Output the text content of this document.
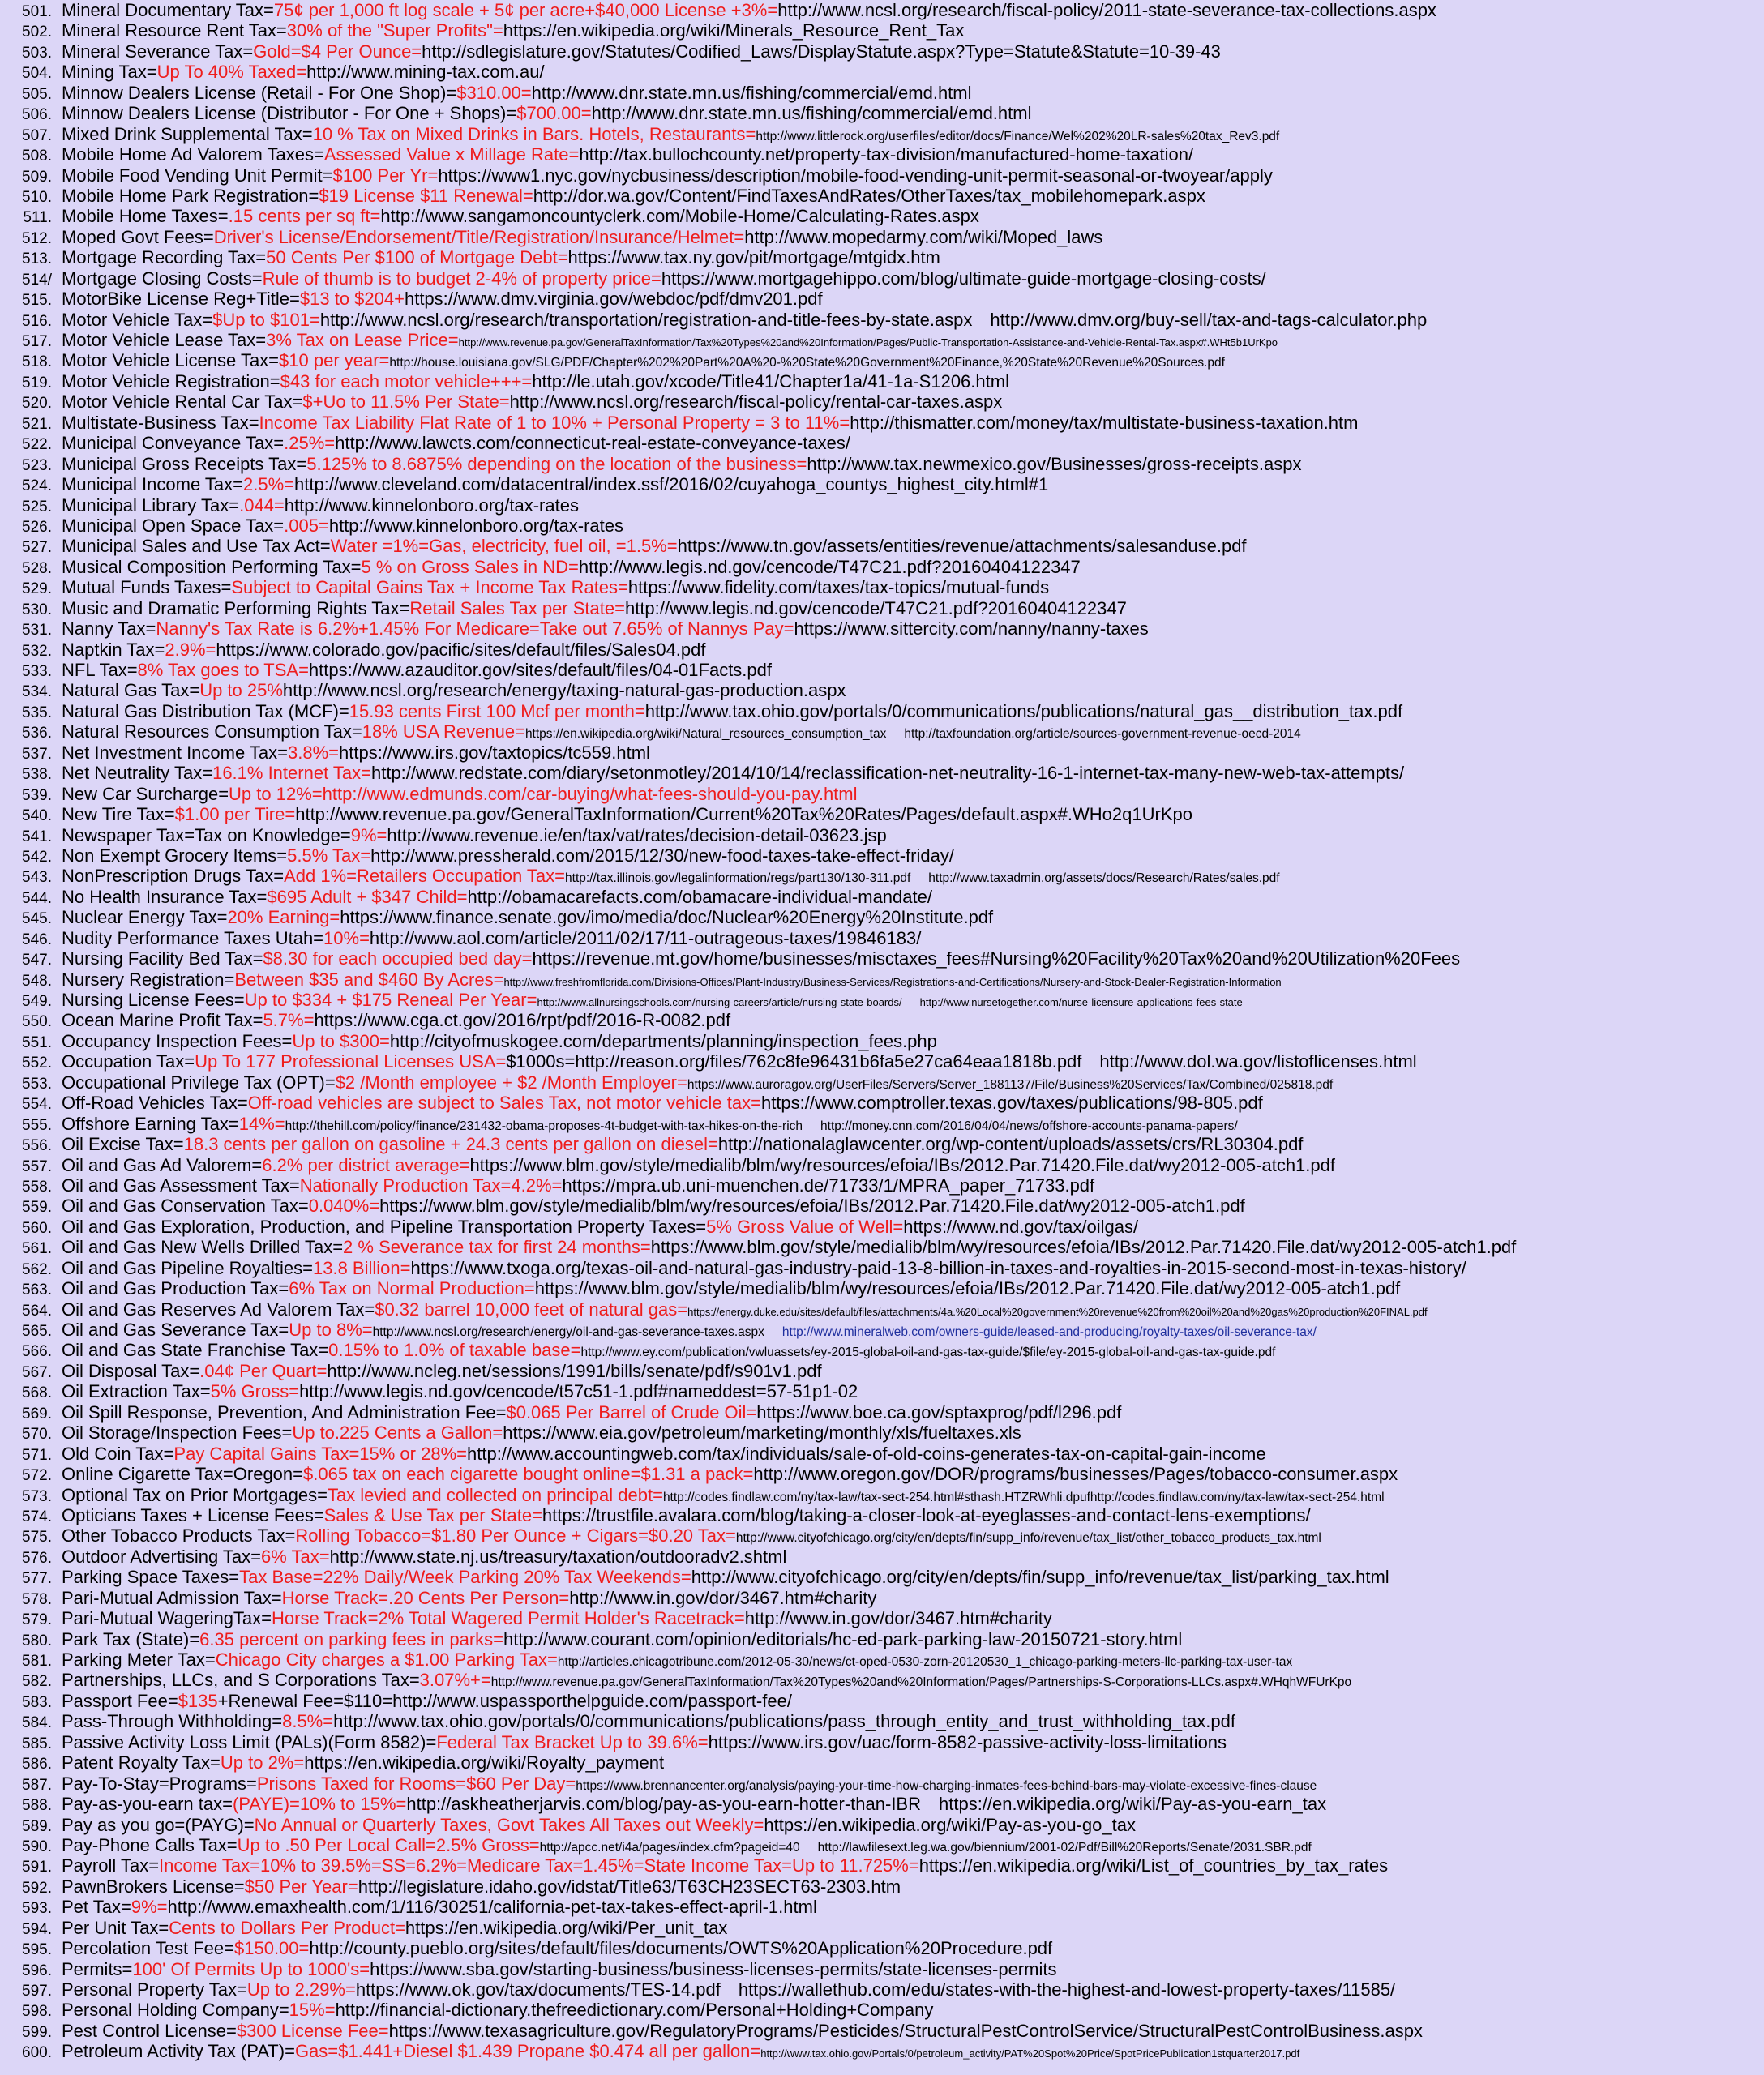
501. Mineral Documentary Tax=75¢ per 1,000 ft log scale + 5¢ per acre+$40,000 License +3%=http://www.ncsl.org/research/fiscal-policy/2011-state-severance-tax-collections.aspx
502. Mineral Resource Rent Tax=30% of the "Super Profits"=https://en.wikipedia.org/wiki/Minerals_Resource_Rent_Tax
503. Mineral Severance Tax=Gold=$4 Per Ounce=http://sdlegislature.gov/Statutes/Codified_Laws/DisplayStatute.aspx?Type=Statute&Statute=10-39-43
504. Mining Tax=Up To 40% Taxed=http://www.mining-tax.com.au/
505. Minnow Dealers License (Retail - For One Shop)=$310.00=http://www.dnr.state.mn.us/fishing/commercial/emd.html
506. Minnow Dealers License (Distributor - For One + Shops)=$700.00=http://www.dnr.state.mn.us/fishing/commercial/emd.html
507. Mixed Drink Supplemental Tax=10 % Tax on Mixed Drinks in Bars. Hotels, Restaurants=http://www.littlerock.org/userfiles/editor/docs/Finance/Wel%202%20LR-sales%20tax_Rev3.pdf
508. Mobile Home Ad Valorem Taxes=Assessed Value x Millage Rate=http://tax.bullochcounty.net/property-tax-division/manufactured-home-taxation/
509. Mobile Food Vending Unit Permit=$100 Per Yr=https://www1.nyc.gov/nycbusiness/description/mobile-food-vending-unit-permit-seasonal-or-twoyear/apply
510. Mobile Home Park Registration=$19 License $11 Renewal=http://dor.wa.gov/Content/FindTaxesAndRates/OtherTaxes/tax_mobilehomepark.aspx
511. Mobile Home Taxes=.15 cents per sq ft=http://www.sangamoncountyclerk.com/Mobile-Home/Calculating-Rates.aspx
512. Moped Govt Fees=Driver's License/Endorsement/Title/Registration/Insurance/Helmet=http://www.mopedarmy.com/wiki/Moped_laws
513. Mortgage Recording Tax=50 Cents Per $100 of Mortgage Debt=https://www.tax.ny.gov/pit/mortgage/mtgidx.htm
514/ Mortgage Closing Costs=Rule of thumb is to budget 2-4% of property price=https://www.mortgagehippo.com/blog/ultimate-guide-mortgage-closing-costs/
515. MotorBike License Reg+Title=$13 to $204+https://www.dmv.virginia.gov/webdoc/pdf/dmv201.pdf
516. Motor Vehicle Tax=$Up to $101=http://www.ncsl.org/research/transportation/registration-and-title-fees-by-state.aspx http://www.dmv.org/buy-sell/tax-and-tags-calculator.php
517. Motor Vehicle Lease Tax=3% Tax on Lease Price=http://www.revenue.pa.gov/GeneralTaxInformation/Tax%20Types%20and%20Information/Pages/Public-Transportation-Assistance-and-Vehicle-Rental-Tax.aspx#.WHt5b1UrKpo
518. Motor Vehicle License Tax=$10 per year=http://house.louisiana.gov/SLG/PDF/Chapter%202%20Part%20A%20-%20State%20Government%20Finance,%20State%20Revenue%20Sources.pdf
519. Motor Vehicle Registration=$43 for each motor vehicle+++=http://le.utah.gov/xcode/Title41/Chapter1a/41-1a-S1206.html
520. Motor Vehicle Rental Car Tax=$+Uo to 11.5% Per State=http://www.ncsl.org/research/fiscal-policy/rental-car-taxes.aspx
521. Multistate-Business Tax=Income Tax Liability Flat Rate of 1 to 10% + Personal Property = 3 to 11%=http://thismatter.com/money/tax/multistate-business-taxation.htm
522. Municipal Conveyance Tax=.25%=http://www.lawcts.com/connecticut-real-estate-conveyance-taxes/
523. Municipal Gross Receipts Tax=5.125% to 8.6875% depending on the location of the business=http://www.tax.newmexico.gov/Businesses/gross-receipts.aspx
524. Municipal Income Tax=2.5%=http://www.cleveland.com/datacentral/index.ssf/2016/02/cuyahoga_countys_highest_city.html#1
525. Municipal Library Tax=.044=http://www.kinnelonboro.org/tax-rates
526. Municipal Open Space Tax=.005=http://www.kinnelonboro.org/tax-rates
527. Municipal Sales and Use Tax Act=Water =1%=Gas, electricity, fuel oil, =1.5%=https://www.tn.gov/assets/entities/revenue/attachments/salesanduse.pdf
528. Musical Composition Performing Tax=5 % on Gross Sales in ND=http://www.legis.nd.gov/cencode/T47C21.pdf?20160404122347
529. Mutual Funds Taxes=Subject to Capital Gains Tax + Income Tax Rates=https://www.fidelity.com/taxes/tax-topics/mutual-funds
530. Music and Dramatic Performing Rights Tax=Retail Sales Tax per State=http://www.legis.nd.gov/cencode/T47C21.pdf?20160404122347
531. Nanny Tax=Nanny's Tax Rate is 6.2%+1.45% For Medicare=Take out 7.65% of Nannys Pay=https://www.sittercity.com/nanny/nanny-taxes
532. Naptkin Tax=2.9%=https://www.colorado.gov/pacific/sites/default/files/Sales04.pdf
533. NFL Tax=8% Tax goes to TSA=https://www.azauditor.gov/sites/default/files/04-01Facts.pdf
534. Natural Gas Tax=Up to 25%http://www.ncsl.org/research/energy/taxing-natural-gas-production.aspx
535. Natural Gas Distribution Tax (MCF)=15.93 cents First 100 Mcf per month=http://www.tax.ohio.gov/portals/0/communications/publications/natural_gas__distribution_tax.pdf
536. Natural Resources Consumption Tax=18% USA Revenue=https://en.wikipedia.org/wiki/Natural_resources_consumption_tax http://taxfoundation.org/article/sources-government-revenue-oecd-2014
537. Net Investment Income Tax=3.8%=https://www.irs.gov/taxtopics/tc559.html
538. Net Neutrality Tax=16.1% Internet Tax=http://www.redstate.com/diary/setonmotley/2014/10/14/reclassification-net-neutrality-16-1-internet-tax-many-new-web-tax-attempts/
539. New Car Surcharge=Up to 12%=http://www.edmunds.com/car-buying/what-fees-should-you-pay.html
540. New Tire Tax=$1.00 per Tire=http://www.revenue.pa.gov/GeneralTaxInformation/Current%20Tax%20Rates/Pages/default.aspx#.WHo2q1UrKpo
541. Newspaper Tax=Tax on Knowledge=9%=http://www.revenue.ie/en/tax/vat/rates/decision-detail-03623.jsp
542. Non Exempt Grocery Items=5.5% Tax=http://www.pressherald.com/2015/12/30/new-food-taxes-take-effect-friday/
543. NonPrescription Drugs Tax=Add 1%=Retailers Occupation Tax=http://tax.illinois.gov/legalinformation/regs/part130/130-311.pdf http://www.taxadmin.org/assets/docs/Research/Rates/sales.pdf
544. No Health Insurance Tax=$695 Adult + $347 Child=http://obamacarefacts.com/obamacare-individual-mandate/
545. Nuclear Energy Tax=20% Earning=https://www.finance.senate.gov/imo/media/doc/Nuclear%20Energy%20Institute.pdf
546. Nudity Performance Taxes Utah=10%=http://www.aol.com/article/2011/02/17/11-outrageous-taxes/19846183/
547. Nursing Facility Bed Tax=$8.30 for each occupied bed day=https://revenue.mt.gov/home/businesses/misctaxes_fees#Nursing%20Facility%20Tax%20and%20Utilization%20Fees
548. Nursery Registration=Between $35 and $460 By Acres=http://www.freshfromflorida.com/Divisions-Offices/Plant-Industry/Business-Services/Registrations-and-Certifications/Nursery-and-Stock-Dealer-Registration-Information
549. Nursing License Fees=Up to $334 + $175 Reneal Per Year=http://www.allnursingschools.com/nursing-careers/article/nursing-state-boards/ http://www.nursetogether.com/nurse-licensure-applications-fees-state
550. Ocean Marine Profit Tax=5.7%=https://www.cga.ct.gov/2016/rpt/pdf/2016-R-0082.pdf
551. Occupancy Inspection Fees=Up to $300=http://cityofmuskogee.com/departments/planning/inspection_fees.php
552. Occupation Tax=Up To 177 Professional Licenses USA=$1000s=http://reason.org/files/762c8fe96431b6fa5e27ca64eaa1818b.pdf http://www.dol.wa.gov/listoflicenses.html
553. Occupational Privilege Tax (OPT)=$2 /Month employee + $2 /Month Employer=https://www.auroragov.org/UserFiles/Servers/Server_1881137/File/Business%20Services/Tax/Combined/025818.pdf
554. Off-Road Vehicles Tax=Off-road vehicles are subject to Sales Tax, not motor vehicle tax=https://www.comptroller.texas.gov/taxes/publications/98-805.pdf
555. Offshore Earning Tax=14%=http://thehill.com/policy/finance/231432-obama-proposes-4t-budget-with-tax-hikes-on-the-rich http://money.cnn.com/2016/04/04/news/offshore-accounts-panama-papers/
556. Oil Excise Tax=18.3 cents per gallon on gasoline + 24.3 cents per gallon on diesel=http://nationalaglawcenter.org/wp-content/uploads/assets/crs/RL30304.pdf
557. Oil and Gas Ad Valorem=6.2% per district average=https://www.blm.gov/style/medialib/blm/wy/resources/efoia/IBs/2012.Par.71420.File.dat/wy2012-005-atch1.pdf
558. Oil and Gas Assessment Tax=Nationally Production Tax=4.2%=https://mpra.ub.uni-muenchen.de/71733/1/MPRA_paper_71733.pdf
559. Oil and Gas Conservation Tax=0.040%=https://www.blm.gov/style/medialib/blm/wy/resources/efoia/IBs/2012.Par.71420.File.dat/wy2012-005-atch1.pdf
560. Oil and Gas Exploration, Production, and Pipeline Transportation Property Taxes=5% Gross Value of Well=https://www.nd.gov/tax/oilgas/
561. Oil and Gas New Wells Drilled Tax=2 % Severance tax for first 24 months=https://www.blm.gov/style/medialib/blm/wy/resources/efoia/IBs/2012.Par.71420.File.dat/wy2012-005-atch1.pdf
562. Oil and Gas Pipeline Royalties=13.8 Billion=https://www.txoga.org/texas-oil-and-natural-gas-industry-paid-13-8-billion-in-taxes-and-royalties-in-2015-second-most-in-texas-history/
563. Oil and Gas Production Tax=6% Tax on Normal Production=https://www.blm.gov/style/medialib/blm/wy/resources/efoia/IBs/2012.Par.71420.File.dat/wy2012-005-atch1.pdf
564. Oil and Gas Reserves Ad Valorem Tax=$0.32 barrel 10,000 feet of natural gas=https://energy.duke.edu/sites/default/files/attachments/4a.%20Local%20government%20revenue%20from%20oil%20and%20gas%20production%20FINAL.pdf
565. Oil and Gas Severance Tax=Up to 8%=http://www.ncsl.org/research/energy/oil-and-gas-severance-taxes.aspx http://www.mineralweb.com/owners-guide/leased-and-producing/royalty-taxes/oil-severance-tax/
566. Oil and Gas State Franchise Tax=0.15% to 1.0% of taxable base=http://www.ey.com/publication/vwluassets/ey-2015-global-oil-and-gas-tax-guide/$file/ey-2015-global-oil-and-gas-tax-guide.pdf
567. Oil Disposal Tax=.04¢ Per Quart=http://www.ncleg.net/sessions/1991/bills/senate/pdf/s901v1.pdf
568. Oil Extraction Tax=5% Gross=http://www.legis.nd.gov/cencode/t57c51-1.pdf#nameddest=57-51p1-02
569. Oil Spill Response, Prevention, And Administration Fee=$0.065 Per Barrel of Crude Oil=https://www.boe.ca.gov/sptaxprog/pdf/l296.pdf
570. Oil Storage/Inspection Fees=Up to.225 Cents a Gallon=https://www.eia.gov/petroleum/marketing/monthly/xls/fueltaxes.xls
571. Old Coin Tax=Pay Capital Gains Tax=15% or 28%=http://www.accountingweb.com/tax/individuals/sale-of-old-coins-generates-tax-on-capital-gain-income
572. Online Cigarette Tax=Oregon=$.065 tax on each cigarette bought online=$1.31 a pack=http://www.oregon.gov/DOR/programs/businesses/Pages/tobacco-consumer.aspx
573. Optional Tax on Prior Mortgages=Tax levied and collected on principal debt=http://codes.findlaw.com/ny/tax-law/tax-sect-254.html#sthash.HTZRWhli.dpufhttp://codes.findlaw.com/ny/tax-law/tax-sect-254.html
574. Opticians Taxes + License Fees=Sales & Use Tax per State=https://trustfile.avalara.com/blog/taking-a-closer-look-at-eyeglasses-and-contact-lens-exemptions/
575. Other Tobacco Products Tax=Rolling Tobacco=$1.80 Per Ounce + Cigars=$0.20 Tax=http://www.cityofchicago.org/city/en/depts/fin/supp_info/revenue/tax_list/other_tobacco_products_tax.html
576. Outdoor Advertising Tax=6% Tax=http://www.state.nj.us/treasury/taxation/outdooradv2.shtml
577. Parking Space Taxes=Tax Base=22% Daily/Week Parking 20% Tax Weekends=http://www.cityofchicago.org/city/en/depts/fin/supp_info/revenue/tax_list/parking_tax.html
578. Pari-Mutual Admission Tax=Horse Track=.20 Cents Per Person=http://www.in.gov/dor/3467.htm#charity
579. Pari-Mutual WageringTax=Horse Track=2% Total Wagered Permit Holder's Racetrack=http://www.in.gov/dor/3467.htm#charity
580. Park Tax (State)=6.35 percent on parking fees in parks=http://www.courant.com/opinion/editorials/hc-ed-park-parking-law-20150721-story.html
581. Parking Meter Tax=Chicago City charges a $1.00 Parking Tax=http://articles.chicagotribune.com/2012-05-30/news/ct-oped-0530-zorn-20120530_1_chicago-parking-meters-llc-parking-tax-user-tax
582. Partnerships, LLCs, and S Corporations Tax=3.07%+=http://www.revenue.pa.gov/GeneralTaxInformation/Tax%20Types%20and%20Information/Pages/Partnerships-S-Corporations-LLCs.aspx#.WHqhWFUrKpo
583. Passport Fee=$135+Renewal Fee=$110=http://www.uspassporthelpguide.com/passport-fee/
584. Pass-Through Withholding=8.5%=http://www.tax.ohio.gov/portals/0/communications/publications/pass_through_entity_and_trust_withholding_tax.pdf
585. Passive Activity Loss Limit (PALs)(Form 8582)=Federal Tax Bracket Up to 39.6%=https://www.irs.gov/uac/form-8582-passive-activity-loss-limitations
586. Patent Royalty Tax=Up to 2%=https://en.wikipedia.org/wiki/Royalty_payment
587. Pay-To-Stay=Programs=Prisons Taxed for Rooms=$60 Per Day=https://www.brennancenter.org/analysis/paying-your-time-how-charging-inmates-fees-behind-bars-may-violate-excessive-fines-clause
588. Pay-as-you-earn tax=(PAYE)=10% to 15%=http://askheatherjarvis.com/blog/pay-as-you-earn-hotter-than-IBR https://en.wikipedia.org/wiki/Pay-as-you-earn_tax
589. Pay as you go=(PAYG)=No Annual or Quarterly Taxes, Govt Takes All Taxes out Weekly=https://en.wikipedia.org/wiki/Pay-as-you-go_tax
590. Pay-Phone Calls Tax=Up to .50 Per Local Call=2.5% Gross=http://apcc.net/i4a/pages/index.cfm?pageid=40 http://lawfilesext.leg.wa.gov/biennium/2001-02/Pdf/Bill%20Reports/Senate/2031.SBR.pdf
591. Payroll Tax=Income Tax=10% to 39.5%=SS=6.2%=Medicare Tax=1.45%=State Income Tax=Up to 11.725%=https://en.wikipedia.org/wiki/List_of_countries_by_tax_rates
592. PawnBrokers License=$50 Per Year=http://legislature.idaho.gov/idstat/Title63/T63CH23SECT63-2303.htm
593. Pet Tax=9%=http://www.emaxhealth.com/1/116/30251/california-pet-tax-takes-effect-april-1.html
594. Per Unit Tax=Cents to Dollars Per Product=https://en.wikipedia.org/wiki/Per_unit_tax
595. Percolation Test Fee=$150.00=http://county.pueblo.org/sites/default/files/documents/OWTS%20Application%20Procedure.pdf
596. Permits=100' Of Permits Up to 1000's=https://www.sba.gov/starting-business/business-licenses-permits/state-licenses-permits
597. Personal Property Tax=Up to 2.29%=https://www.ok.gov/tax/documents/TES-14.pdf https://wallethub.com/edu/states-with-the-highest-and-lowest-property-taxes/11585/
598. Personal Holding Company=15%=http://financial-dictionary.thefreedictionary.com/Personal+Holding+Company
599. Pest Control License=$300 License Fee=https://www.texasagriculture.gov/RegulatoryPrograms/Pesticides/StructuralPestControlService/StructuralPestControlBusiness.aspx
600. Petroleum Activity Tax (PAT)=Gas=$1.441+Diesel $1.439 Propane $0.474 all per gallon=http://www.tax.ohio.gov/Portals/0/petroleum_activity/PAT%20Spot%20Price/SpotPricePublication1stquarter2017.pdf
